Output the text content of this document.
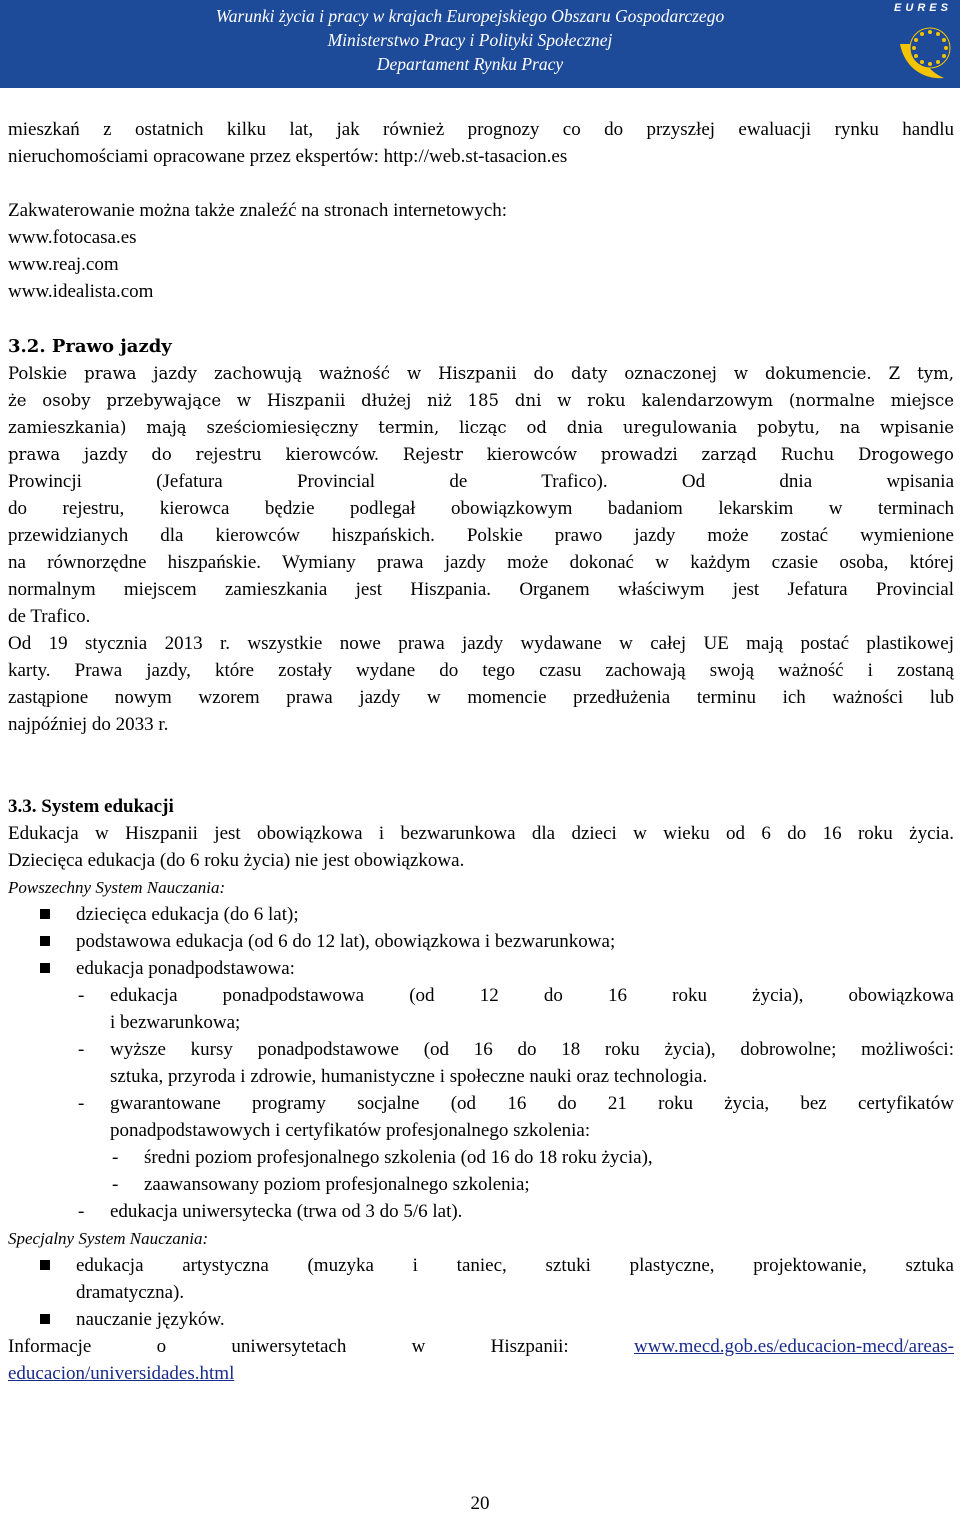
Warunki życia i pracy w krajach Europejskiego Obszaru Gospodarczego
Ministerstwo Pracy i Polityki Społecznej
Departament Rynku Pracy
EURES

mieszkań z ostatnich kilku lat, jak również prognozy co do przyszłej ewaluacji rynku handlu

nieruchomościami opracowane przez ekspertów: http://web.st-tasacion.es

Zakwaterowanie można także znaleźć na stronach internetowych:

www.fotocasa.es

www.reaj.com

www.idealista.com

3.2. Prawo jazdy

Polskie prawa jazdy zachowują ważność w Hiszpanii do daty oznaczonej w dokumencie. Z tym,

że osoby przebywające w Hiszpanii dłużej niż 185 dni w roku kalendarzowym (normalne miejsce

zamieszkania) mają sześciomiesięczny termin, licząc od dnia uregulowania pobytu, na wpisanie

prawa jazdy do rejestru kierowców. Rejestr kierowców prowadzi zarząd Ruchu Drogowego

Prowincji (Jefatura Provincial de Trafico). Od dnia wpisania

do rejestru, kierowca będzie podlegał obowiązkowym badaniom lekarskim w terminach

przewidzianych dla kierowców hiszpańskich. Polskie prawo jazdy może zostać wymienione

na równorzędne hiszpańskie. Wymiany prawa jazdy może dokonać w każdym czasie osoba, której

normalnym miejscem zamieszkania jest Hiszpania. Organem właściwym jest Jefatura Provincial

de Trafico.

Od 19 stycznia 2013 r. wszystkie nowe prawa jazdy wydawane w całej UE mają postać plastikowej

karty. Prawa jazdy, które zostały wydane do tego czasu zachowają swoją ważność i zostaną

zastąpione nowym wzorem prawa jazdy w momencie przedłużenia terminu ich ważności lub

najpóźniej do 2033 r.

3.3. System edukacji

Edukacja w Hiszpanii jest obowiązkowa i bezwarunkowa dla dzieci w wieku od 6 do 16 roku życia.

Dziecięca edukacja (do 6 roku życia) nie jest obowiązkowa.

Powszechny System Nauczania:

dziecięca edukacja (do 6 lat);
podstawowa edukacja (od 6 do 12 lat), obowiązkowa i bezwarunkowa;
edukacja ponadpodstawowa:
- edukacja ponadpodstawowa (od 12 do 16 roku życia), obowiązkowa
i bezwarunkowa;
- wyższe kursy ponadpodstawowe (od 16 do 18 roku życia), dobrowolne; możliwości:
sztuka, przyroda i zdrowie, humanistyczne i społeczne nauki oraz technologia.
- gwarantowane programy socjalne (od 16 do 21 roku życia, bez certyfikatów
ponadpodstawowych i certyfikatów profesjonalnego szkolenia:
- średni poziom profesjonalnego szkolenia (od 16 do 18 roku życia),
- zaawansowany poziom profesjonalnego szkolenia;
- edukacja uniwersytecka (trwa od 3 do 5/6 lat).

Specjalny System Nauczania:

edukacja artystyczna (muzyka i taniec, sztuki plastyczne, projektowanie, sztuka
dramatyczna).
nauczanie języków.

Informacje o uniwersytetach w Hiszpanii:	www.mecd.gob.es/educacion-mecd/areas-

educacion/universidades.html

20
